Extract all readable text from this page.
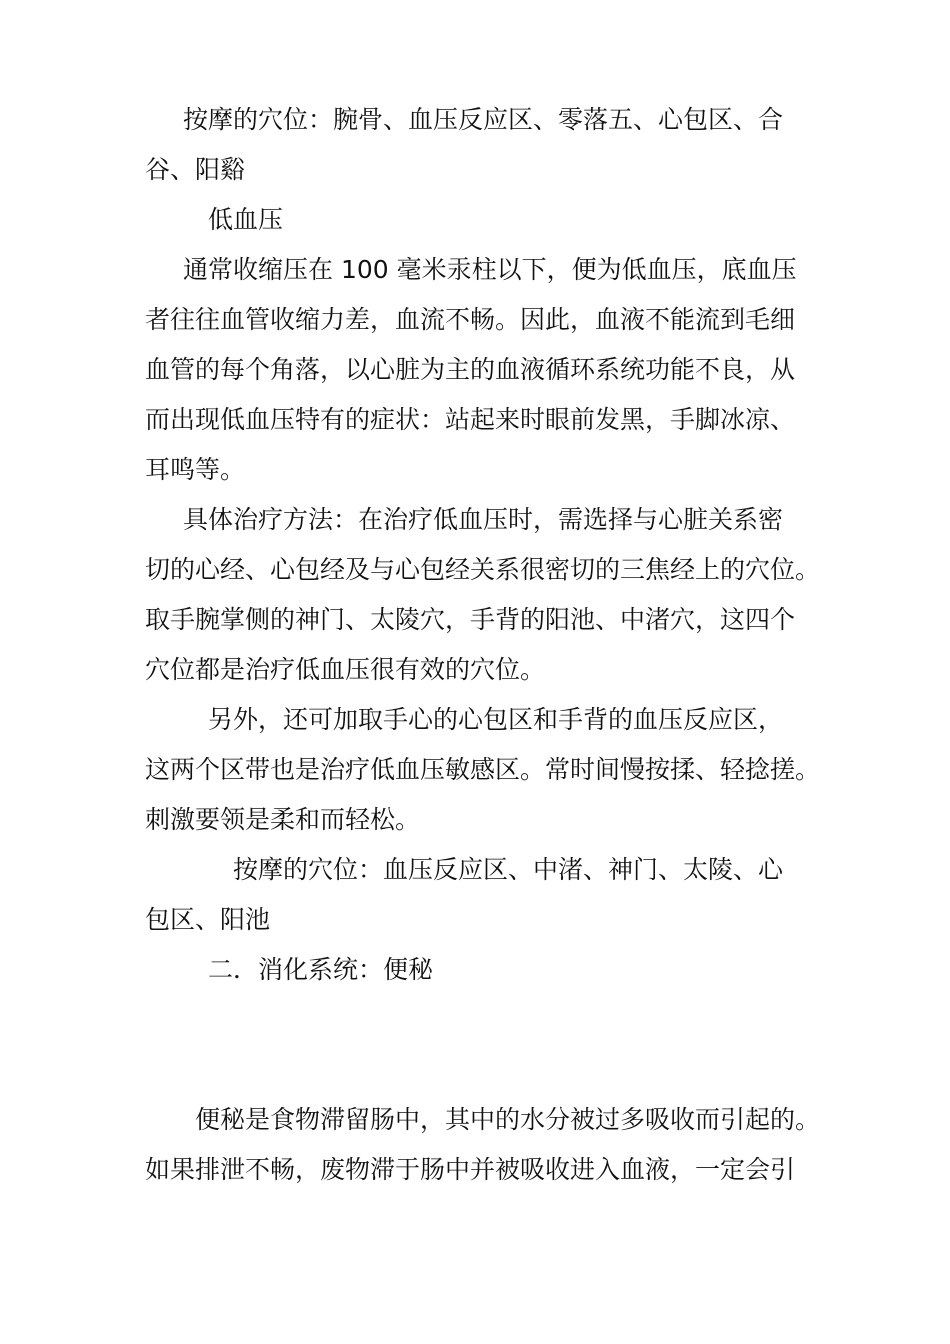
按摩的穴位：腕骨、血压反应区、零落五、心包区、合
谷、阳谿
低血压
通常收缩压在 100 毫米汞柱以下，便为低血压，底血压
者往往血管收缩力差，血流不畅。因此，血液不能流到毛细
血管的每个角落，以心脏为主的血液循环系统功能不良，从
而出现低血压特有的症状：站起来时眼前发黑，手脚冰凉、
耳鸣等。
具体治疗方法：在治疗低血压时，需选择与心脏关系密
切的心经、心包经及与心包经关系很密切的三焦经上的穴位。
取手腕掌侧的神门、太陵穴，手背的阳池、中渚穴，这四个
穴位都是治疗低血压很有效的穴位。
另外，还可加取手心的心包区和手背的血压反应区，
这两个区带也是治疗低血压敏感区。常时间慢按揉、轻捻搓。
刺激要领是柔和而轻松。
按摩的穴位：血压反应区、中渚、神门、太陵、心
包区、阳池
二．消化系统：便秘
便秘是食物滞留肠中，其中的水分被过多吸收而引起的。
如果排泄不畅，废物滞于肠中并被吸收进入血液，一定会引
